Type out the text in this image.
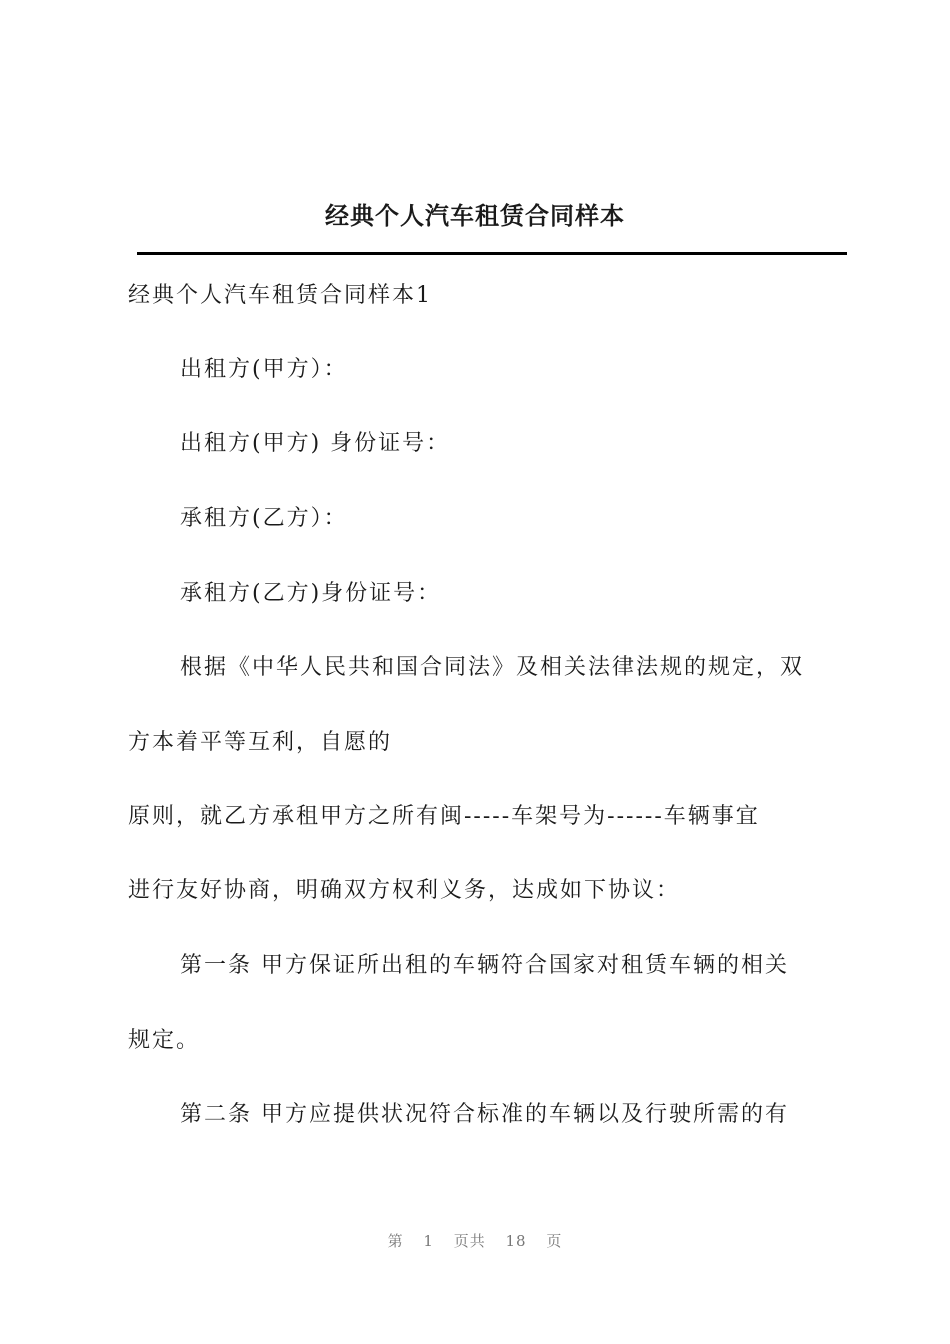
经典个人汽车租赁合同样本
经典个人汽车租赁合同样本1
出租方(甲方）：
出租方(甲方) 身份证号：
承租方(乙方）：
承租方(乙方)身份证号：
根据《中华人民共和国合同法》及相关法律法规的规定，双
方本着平等互利，自愿的
原则，就乙方承租甲方之所有闽-----车架号为------车辆事宜
进行友好协商，明确双方权利义务，达成如下协议：
第一条 甲方保证所出租的车辆符合国家对租赁车辆的相关
规定。
第二条 甲方应提供状况符合标准的车辆以及行驶所需的有
第 1 页共 18 页
